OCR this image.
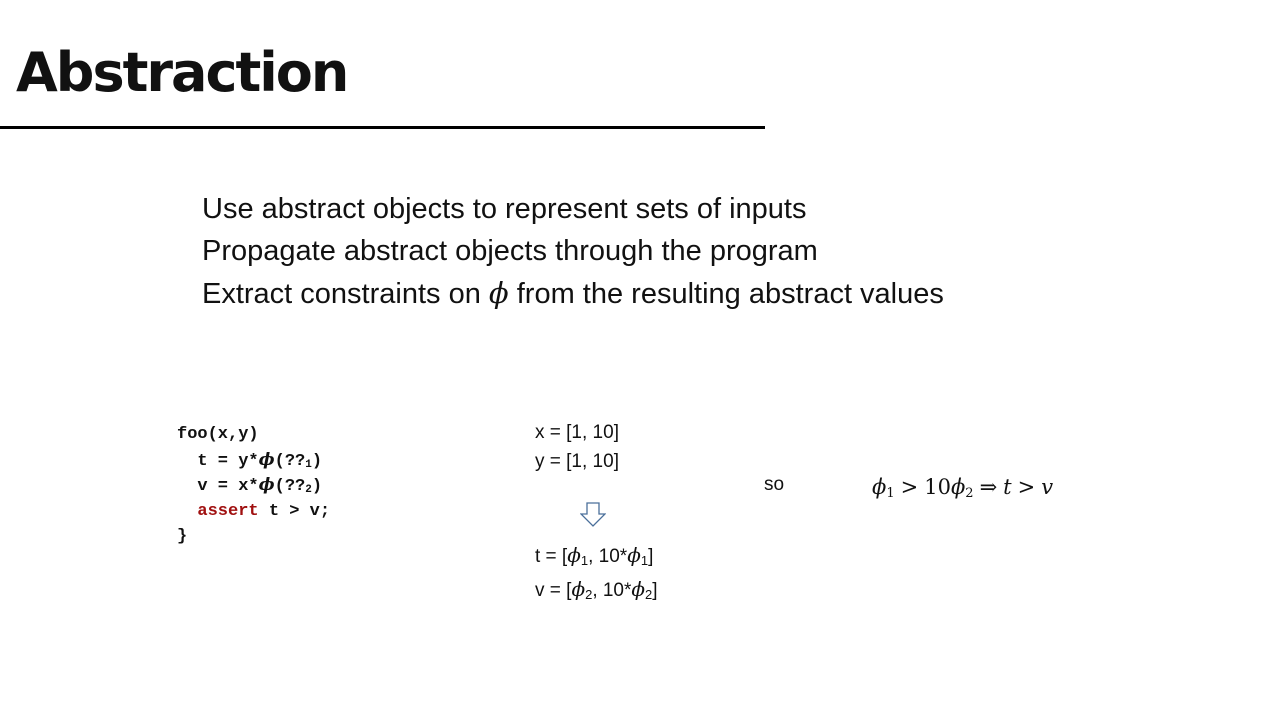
Abstraction
Use abstract objects to represent sets of inputs
Propagate abstract objects through the program
Extract constraints on ϕ from the resulting abstract values
foo(x,y)
$t = y*\phi(??_1)$
$v = x*\phi(??_2)$
assert t > v;
}
x = [1, 10]
y = [1, 10]
$t = [\phi_1$, $10*\phi_1$]
$v = [\phi_2$, $10*\phi_2$]
so	$\phi_1 > 10\phi_2$ ⇒ t > v
